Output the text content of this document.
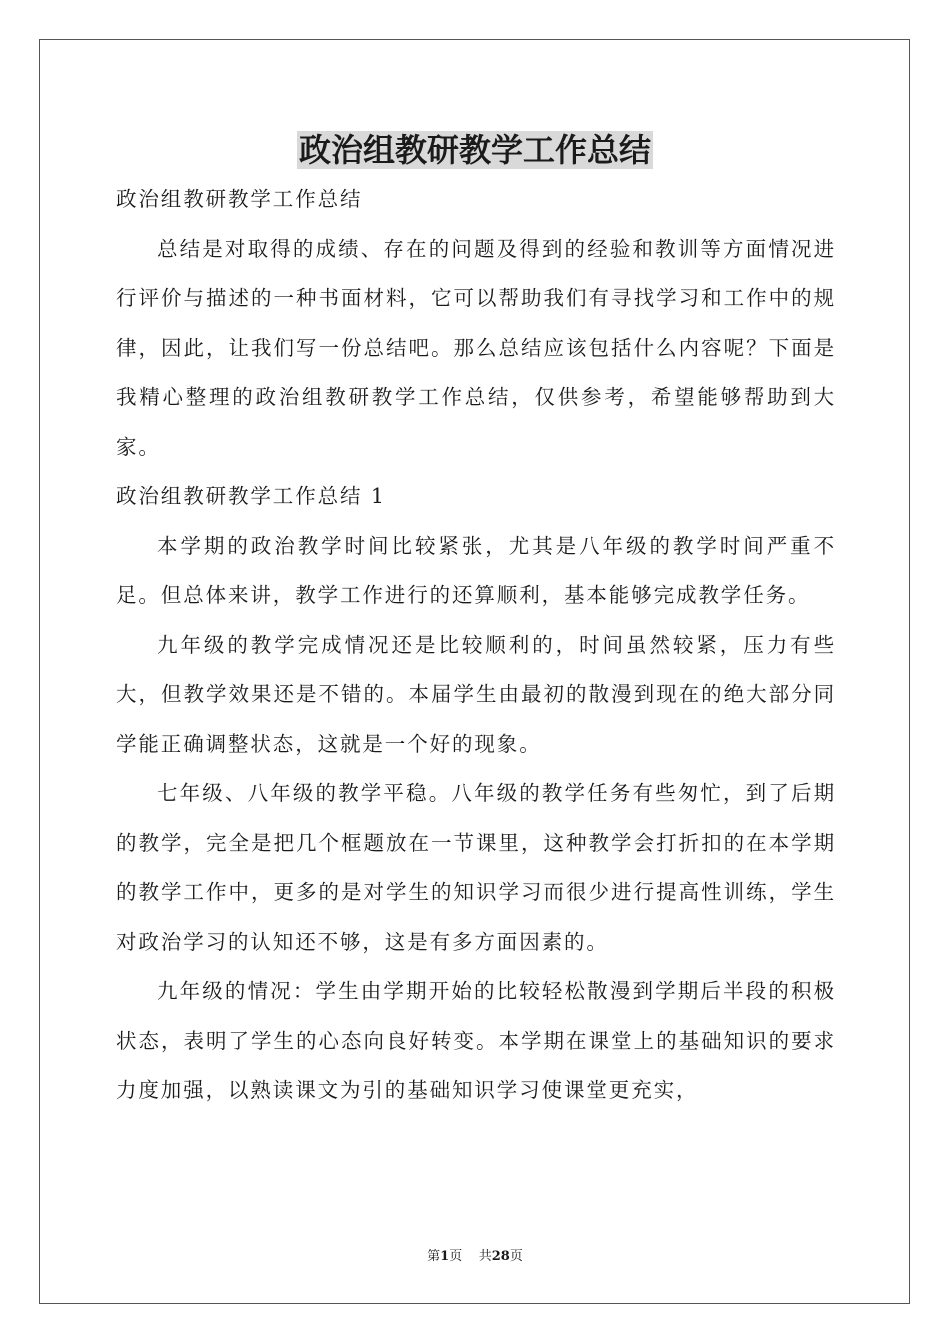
政治组教研教学工作总结

政治组教研教学工作总结

总结是对取得的成绩、存在的问题及得到的经验和教训等方面情况进行评价与描述的一种书面材料，它可以帮助我们有寻找学习和工作中的规律，因此，让我们写一份总结吧。那么总结应该包括什么内容呢？下面是我精心整理的政治组教研教学工作总结，仅供参考，希望能够帮助到大家。

政治组教研教学工作总结 1

本学期的政治教学时间比较紧张，尤其是八年级的教学时间严重不足。但总体来讲，教学工作进行的还算顺利，基本能够完成教学任务。

九年级的教学完成情况还是比较顺利的，时间虽然较紧，压力有些大，但教学效果还是不错的。本届学生由最初的散漫到现在的绝大部分同学能正确调整状态，这就是一个好的现象。

七年级、八年级的教学平稳。八年级的教学任务有些匆忙，到了后期的教学，完全是把几个框题放在一节课里，这种教学会打折扣的在本学期的教学工作中，更多的是对学生的知识学习而很少进行提高性训练，学生对政治学习的认知还不够，这是有多方面因素的。

九年级的情况：学生由学期开始的比较轻松散漫到学期后半段的积极状态，表明了学生的心态向良好转变。本学期在课堂上的基础知识的要求力度加强，以熟读课文为引的基础知识学习使课堂更充实，

第1页 共28页
